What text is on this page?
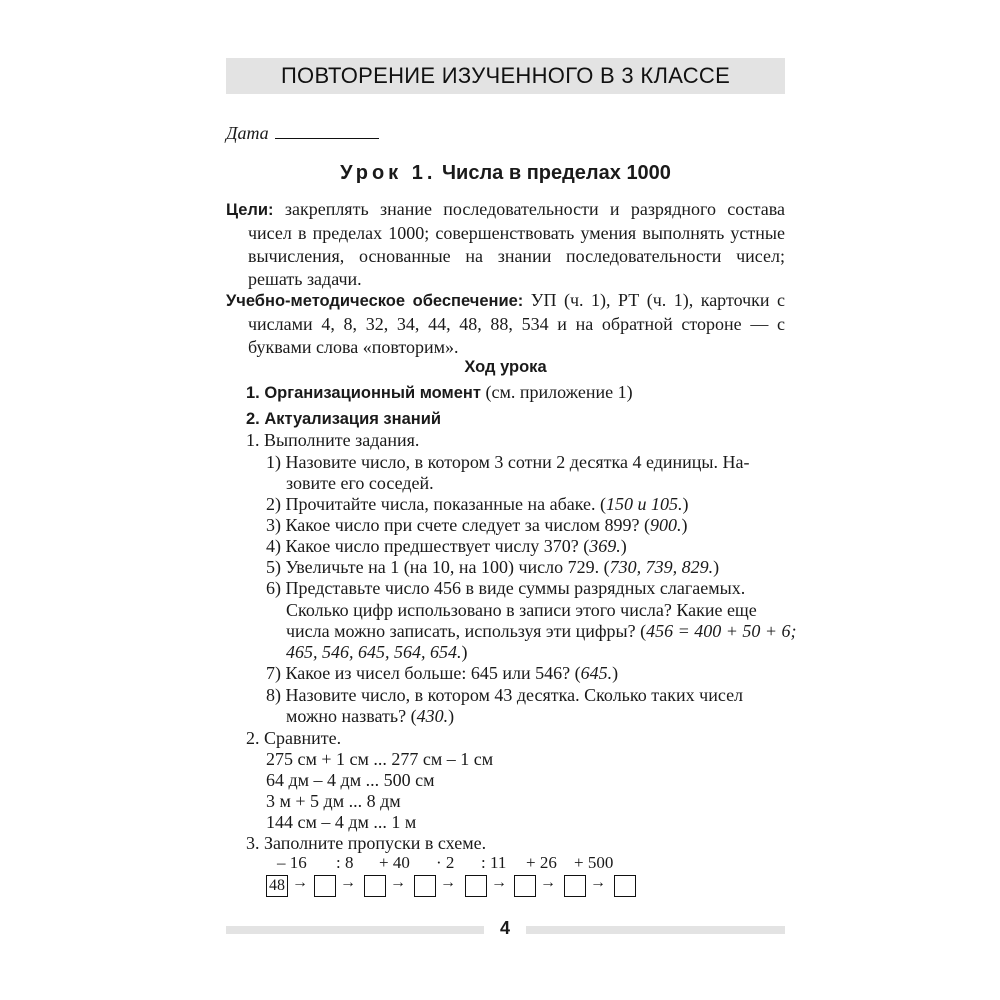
ПОВТОРЕНИЕ ИЗУЧЕННОГО В 3 КЛАССЕ
Дата
Урок 1. Числа в пределах 1000

Цели: закреплять знание последовательности и разрядного состава чисел в пределах 1000; совершенствовать умения выполнять устные вычисления, основанные на знании последовательности чисел; решать задачи.

Учебно-методическое обеспечение: УП (ч. 1), РТ (ч. 1), карточки с числами 4, 8, 32, 34, 44, 48, 88, 534 и на обратной стороне — с буквами слова «повторим».

Ход урока
1. Организационный момент (см. приложение 1)
2. Актуализация знаний
1. Выполните задания.
1) Назовите число, в котором 3 сотни 2 десятка 4 единицы. На-
зовите его соседей.
2) Прочитайте числа, показанные на абаке. (150 и 105.)
3) Какое число при счете следует за числом 899? (900.)
4) Какое число предшествует числу 370? (369.)
5) Увеличьте на 1 (на 10, на 100) число 729. (730, 739, 829.)
6) Представьте число 456 в виде суммы разрядных слагаемых.
Сколько цифр использовано в записи этого числа? Какие еще
числа можно записать, используя эти цифры? (456 = 400 + 50 + 6;
465, 546, 645, 564, 654.)
7) Какое из чисел больше: 645 или 546? (645.)
8) Назовите число, в котором 43 десятка. Сколько таких чисел
можно назвать? (430.)
2. Сравните.
275 см + 1 см ... 277 см – 1 см
64 дм – 4 дм ... 500 см
3 м + 5 дм ... 8 дм
144 см – 4 дм ... 1 м
3. Заполните пропуски в схеме.
– 16 : 8 + 40 · 2 : 11 + 26 + 500
48 → → → → → → →
4
